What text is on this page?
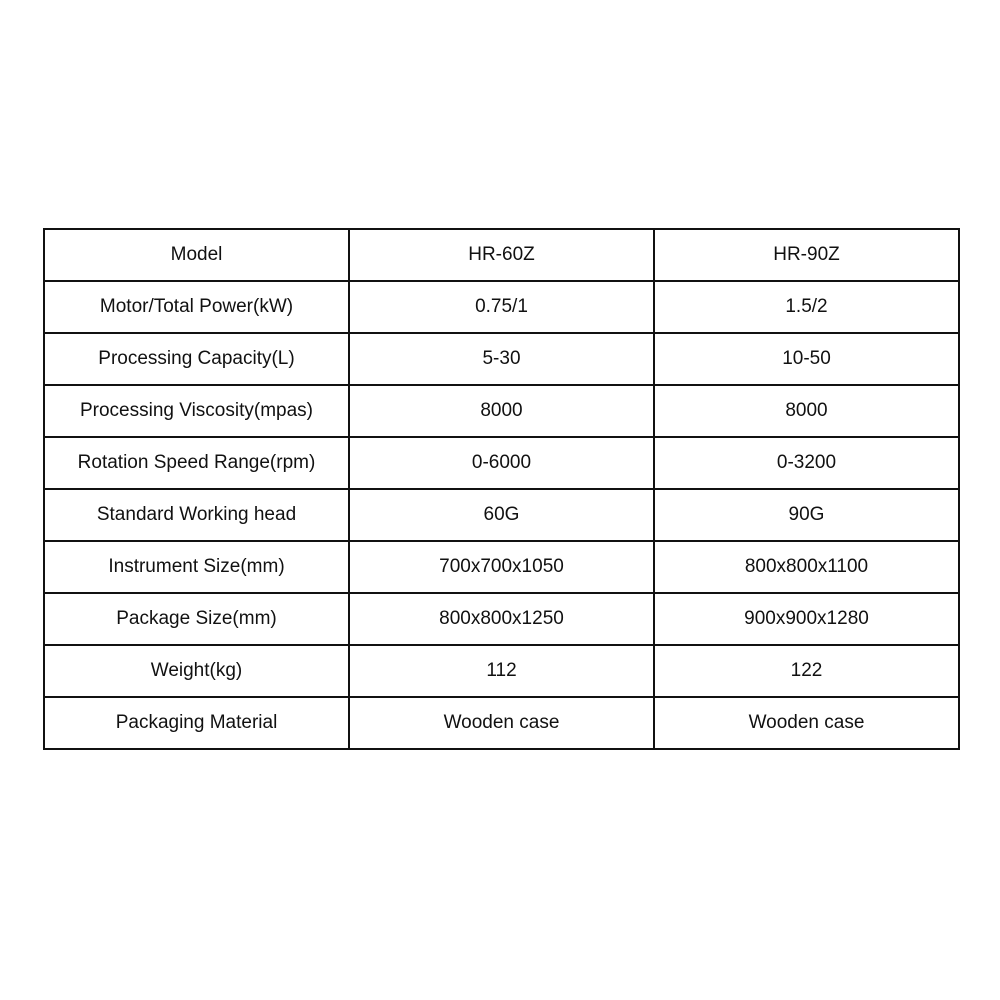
Model	HR-60Z	HR-90Z
Motor/Total Power(kW)	0.75/1	1.5/2
Processing Capacity(L)	5-30	10-50
Processing Viscosity(mpas)	8000	8000
Rotation Speed Range(rpm)	0-6000	0-3200
Standard Working head	60G	90G
Instrument Size(mm)	700x700x1050	800x800x1100
Package Size(mm)	800x800x1250	900x900x1280
Weight(kg)	112	122
Packaging Material	Wooden case	Wooden case
